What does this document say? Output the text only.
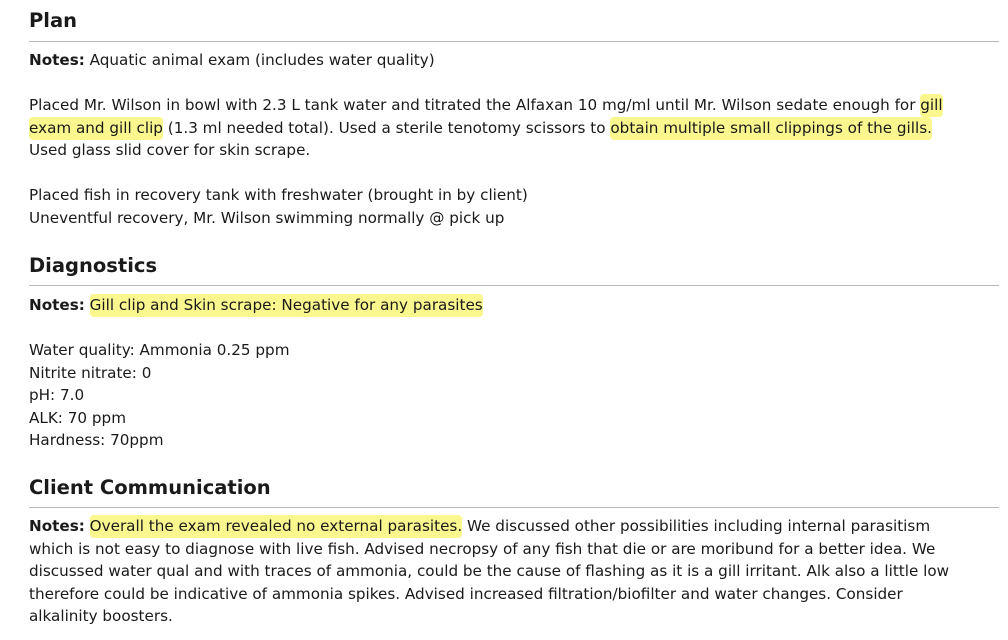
Plan

Notes: Aquatic animal exam (includes water quality)

Placed Mr. Wilson in bowl with 2.3 L tank water and titrated the Alfaxan 10 mg/ml until Mr. Wilson sedate enough for gill
exam and gill clip (1.3 ml needed total). Used a sterile tenotomy scissors to obtain multiple small clippings of the gills.
Used glass slid cover for skin scrape.

Placed fish in recovery tank with freshwater (brought in by client)
Uneventful recovery, Mr. Wilson swimming normally @ pick up

Diagnostics

Notes: Gill clip and Skin scrape: Negative for any parasites

Water quality: Ammonia 0.25 ppm
Nitrite nitrate: 0
pH: 7.0
ALK: 70 ppm
Hardness: 70ppm

Client Communication

Notes: Overall the exam revealed no external parasites. We discussed other possibilities including internal parasitism
which is not easy to diagnose with live fish. Advised necropsy of any fish that die or are moribund for a better idea. We
discussed water qual and with traces of ammonia, could be the cause of flashing as it is a gill irritant. Alk also a little low
therefore could be indicative of ammonia spikes. Advised increased filtration/biofilter and water changes. Consider
alkalinity boosters.
